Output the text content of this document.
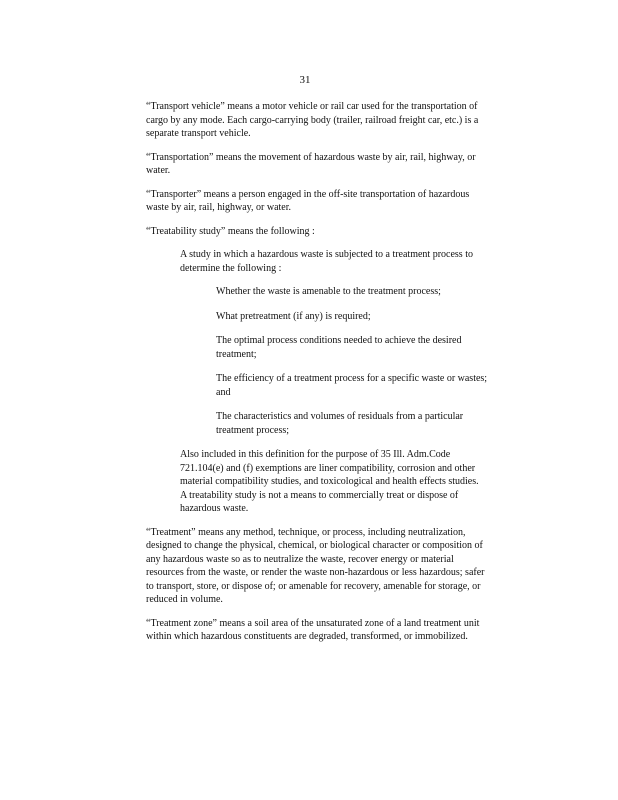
31

“Transport vehicle” means a motor vehicle or rail car used for the transportation of
cargo by any mode. Each cargo-carrying body (trailer, railroad freight car, etc.) is a
separate transport vehicle.

“Transportation” means the movement of hazardous waste by air, rail, highway, or
water.

“Transporter” means a person engaged in the off-site transportation of hazardous
waste by air, rail, highway, or water.

“Treatability study” means the following :

A study in which a hazardous waste is subjected to a treatment process to
determine the following :

Whether the waste is amenable to the treatment process;

What pretreatment (if any) is required;

The optimal process conditions needed to achieve the desired
treatment;

The efficiency of a treatment process for a specific waste or wastes;
and

The characteristics and volumes of residuals from a particular
treatment process;

Also included in this definition for the purpose of 35 Ill. Adm.Code
721.104(e) and (f) exemptions are liner compatibility, corrosion and other
material compatibility studies, and toxicological and health effects studies.
A treatability study is not a means to commercially treat or dispose of
hazardous waste.

“Treatment” means any method, technique, or process, including neutralization,
designed to change the physical, chemical, or biological character or composition of
any hazardous waste so as to neutralize the waste, recover energy or material
resources from the waste, or render the waste non-hazardous or less hazardous; safer
to transport, store, or dispose of; or amenable for recovery, amenable for storage, or
reduced in volume.

“Treatment zone” means a soil area of the unsaturated zone of a land treatment unit
within which hazardous constituents are degraded, transformed, or immobilized.
